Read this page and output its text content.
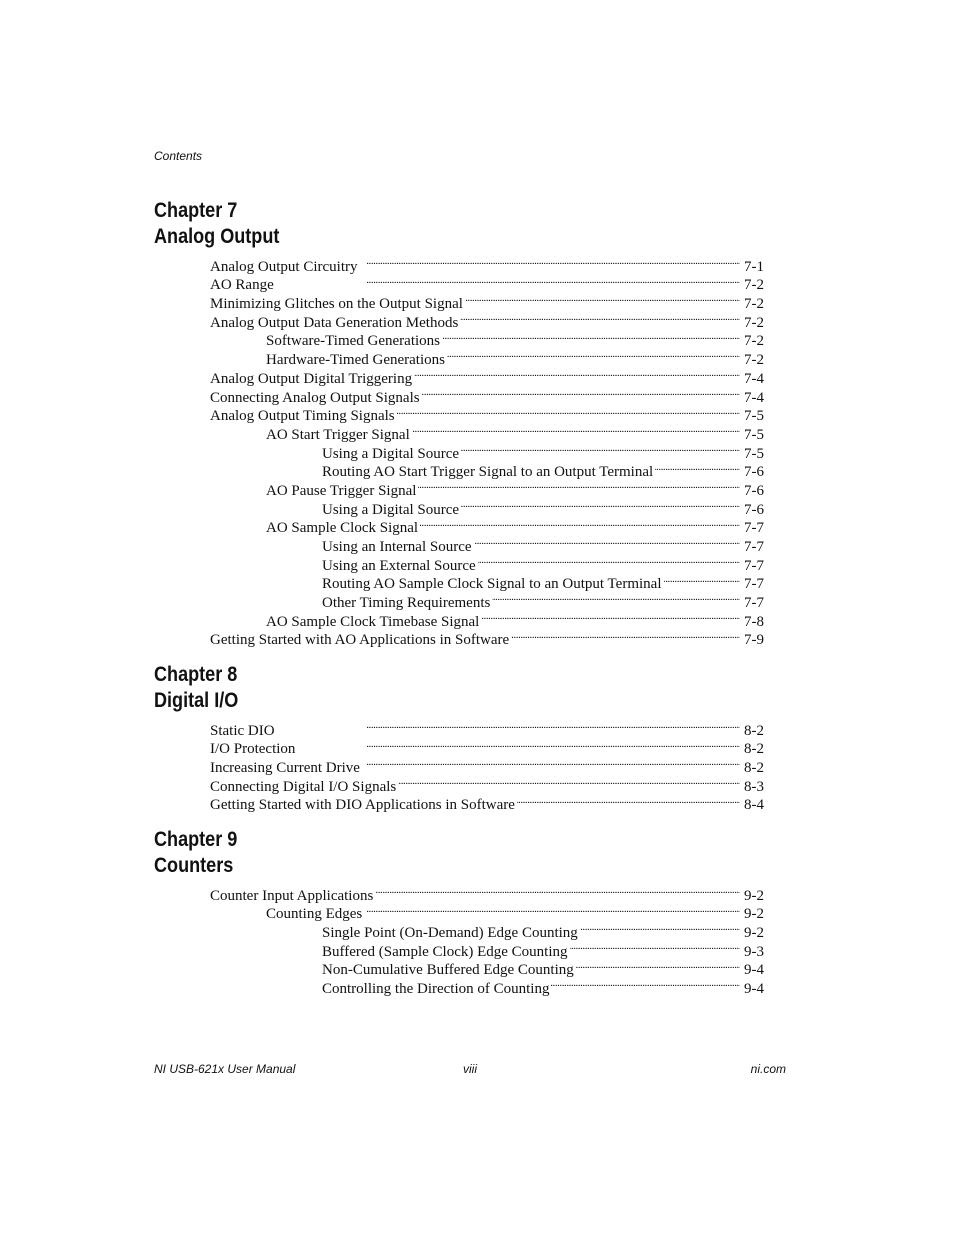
Contents
Chapter 7
Analog Output
Analog Output Circuitry . . .	7-1
AO Range . . .	7-2
Minimizing Glitches on the Output Signal . . .	7-2
Analog Output Data Generation Methods . . .	7-2
Software-Timed Generations . . .	7-2
Hardware-Timed Generations . . .	7-2
Analog Output Digital Triggering . . .	7-4
Connecting Analog Output Signals . . .	7-4
Analog Output Timing Signals . . .	7-5
AO Start Trigger Signal . . .	7-5
Using a Digital Source . . .	7-5
Routing AO Start Trigger Signal to an Output Terminal . . .	7-6
AO Pause Trigger Signal . . .	7-6
Using a Digital Source . . .	7-6
AO Sample Clock Signal . . .	7-7
Using an Internal Source . . .	7-7
Using an External Source . . .	7-7
Routing AO Sample Clock Signal to an Output Terminal . . .	7-7
Other Timing Requirements . . .	7-7
AO Sample Clock Timebase Signal . . .	7-8
Getting Started with AO Applications in Software . . .	7-9
Chapter 8
Digital I/O
Static DIO . . .	8-2
I/O Protection . . .	8-2
Increasing Current Drive . . .	8-2
Connecting Digital I/O Signals . . .	8-3
Getting Started with DIO Applications in Software . . .	8-4
Chapter 9
Counters
Counter Input Applications . . .	9-2
Counting Edges . . .	9-2
Single Point (On-Demand) Edge Counting . . .	9-2
Buffered (Sample Clock) Edge Counting . . .	9-3
Non-Cumulative Buffered Edge Counting . . .	9-4
Controlling the Direction of Counting . . .	9-4
NI USB-621x User Manual	viii	ni.com
